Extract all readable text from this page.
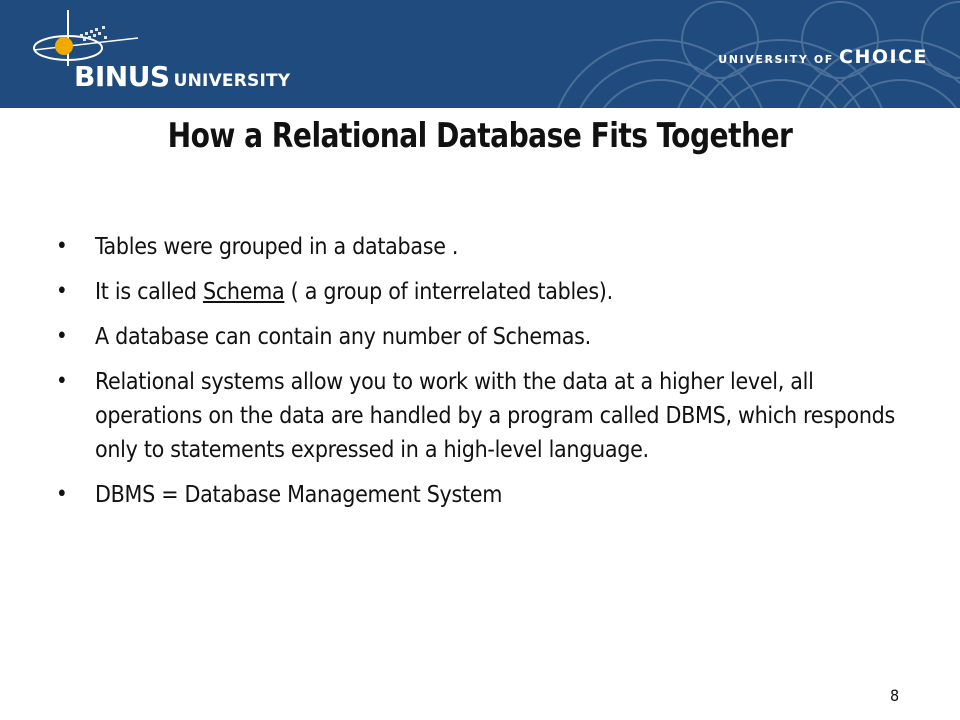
BINUS UNIVERSITY
UNIVERSITY OF CHOICE
How a Relational Database Fits Together
• Tables were grouped in a database .
• It is called Schema ( a group of interrelated tables).
• A database can contain any number of Schemas.
• Relational systems allow you to work with the data at a higher level, all operations on the data are handled by a program called DBMS, which responds only to statements expressed in a high-level language.
• DBMS = Database Management System
8
